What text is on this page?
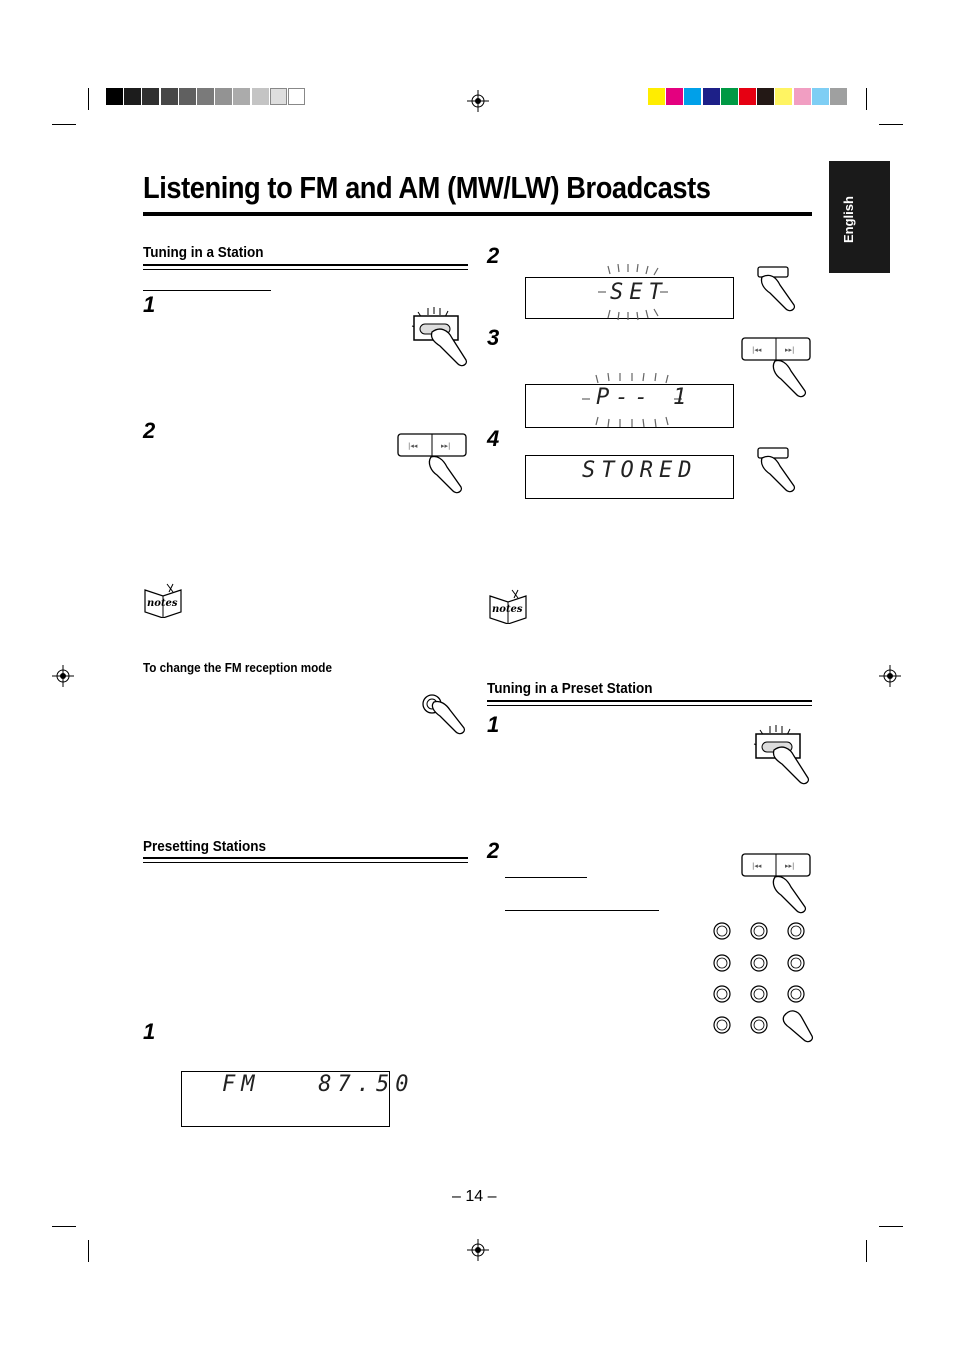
English
Listening to FM and AM (MW/LW) Broadcasts
Tuning in a Station
1
2
|◂◂	▸▸|
notes
To change the FM reception mode
Presetting Stations
1
FM   87.50
2
SET
3	|◂◂	▸▸|
P-- 1
4
STORED
notes
Tuning in a Preset Station
1
2
|◂◂	▸▸|
– 14 –
